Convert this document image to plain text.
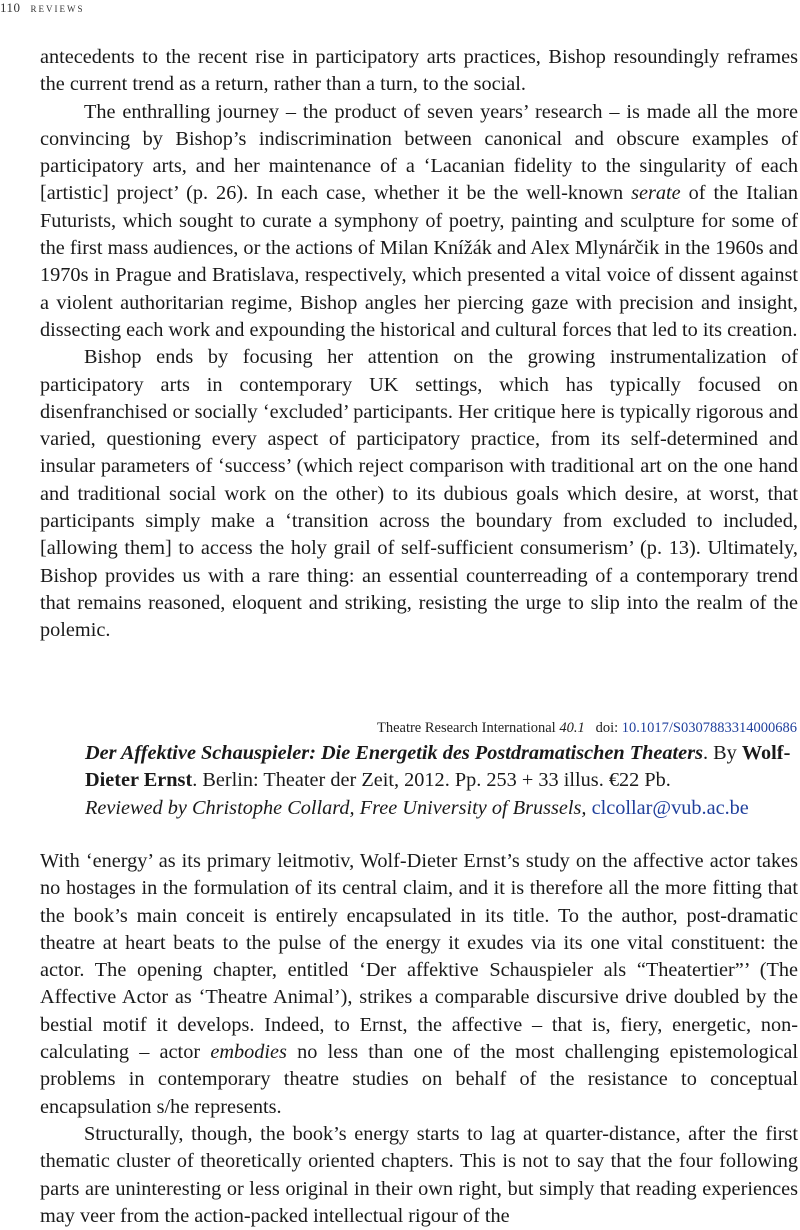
110 reviews

antecedents to the recent rise in participatory arts practices, Bishop resoundingly reframes the current trend as a re​turn, rather than a turn, to the social.

The enthralling journey – the product of seven years’ research – is made all the more convincing by Bishop’s indiscrimination between canonical and obscure examples of participatory arts, and her maintenance of a ‘Lacanian fidelity to the singularity of each [artistic] project’ (p. 26). In each case, whether it be the well-known serate of the Italian Futurists, which sought to curate a symphony of poetry, painting and sculpture for some of the first mass audiences, or the actions of Milan Knížák and Alex Mlynárčik in the 1960s and 1970s in Prague and Bratislava, respectively, which presented a vital voice of dissent against a violent authoritarian regime, Bishop angles her piercing gaze with precision and insight, dissecting each work and expounding the historical and cultural forces that led to its creation.

Bishop ends by focusing her attention on the growing instrumentalization of participatory arts in contemporary UK settings, which has typically focused on disenfranchised or socially ‘excluded’ participants. Her critique here is typically rigorous and varied, questioning every aspect of participatory practice, from its self-determined and insular parameters of ‘success’ (which reject comparison with traditional art on the one hand and traditional social work on the other) to its dubious goals which desire, at worst, that participants simply make a ‘transition across the boundary from excluded to included, [allowing them] to access the holy grail of self-sufficient consumerism’ (p. 13). Ultimately, Bishop provides us with a rare thing: an essential counterreading of a contemporary trend that remains reasoned, eloquent and striking, resisting the urge to slip into the realm of the polemic.

Theatre Research International 40.1 doi: 10.1017/S0307883314000686
Der Affektive Schauspieler: Die Energetik des Postdramatischen Theaters. By Wolf-Dieter Ernst. Berlin: Theater der Zeit, 2012. Pp. 253 + 33 illus. €22 Pb.
Reviewed by Christophe Collard, Free University of Brussels, clcollar@vub.ac.be

With ‘energy’ as its primary leitmotiv, Wolf-Dieter Ernst’s study on the affective actor takes no hostages in the formulation of its central claim, and it is therefore all the more fitting that the book’s main conceit is entirely encapsulated in its title. To the author, post-dramatic theatre at heart beats to the pulse of the energy it exudes via its one vital constituent: the actor. The opening chapter, entitled ‘Der affektive Schauspieler als “Theatertier”’ (The Affective Actor as ‘Theatre Animal’), strikes a comparable discursive drive doubled by the bestial motif it develops. Indeed, to Ernst, the affective – that is, fiery, energetic, non-calculating – actor embodies no less than one of the most challenging epistemological problems in contemporary theatre studies on behalf of the resistance to conceptual encapsulation s/he represents.

Structurally, though, the book’s energy starts to lag at quarter-distance, after the first thematic cluster of theoretically oriented chapters. This is not to say that the four following parts are uninteresting or less original in their own right, but simply that reading experiences may veer from the action-packed intellectual rigour of the
